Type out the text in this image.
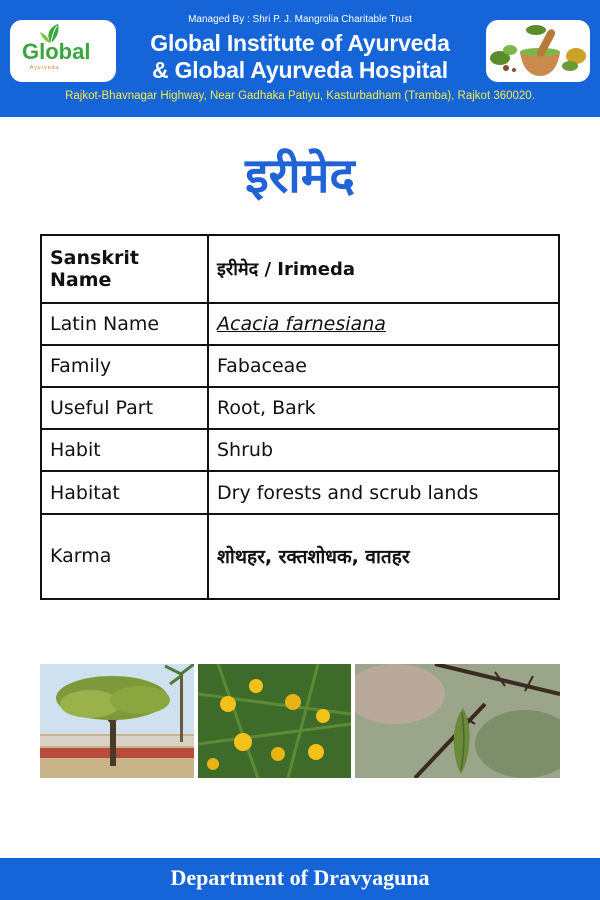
Managed By : Shri P. J. Mangrolia Charitable Trust
Global
Ayurveda
Global Institute of Ayurveda
& Global Ayurveda Hospital
Rajkot-Bhavnagar Highway, Near Gadhaka Patiyu, Kasturbadham (Tramba), Rajkot 360020.
इरीमेद
Sanskrit Name	इरीमेद / Irimeda
Latin Name	Acacia farnesiana
Family	Fabaceae
Useful Part	Root, Bark
Habit	Shrub
Habitat	Dry forests and scrub lands
Karma	शोथहर, रक्तशोधक, वातहर
Department of Dravyaguna
